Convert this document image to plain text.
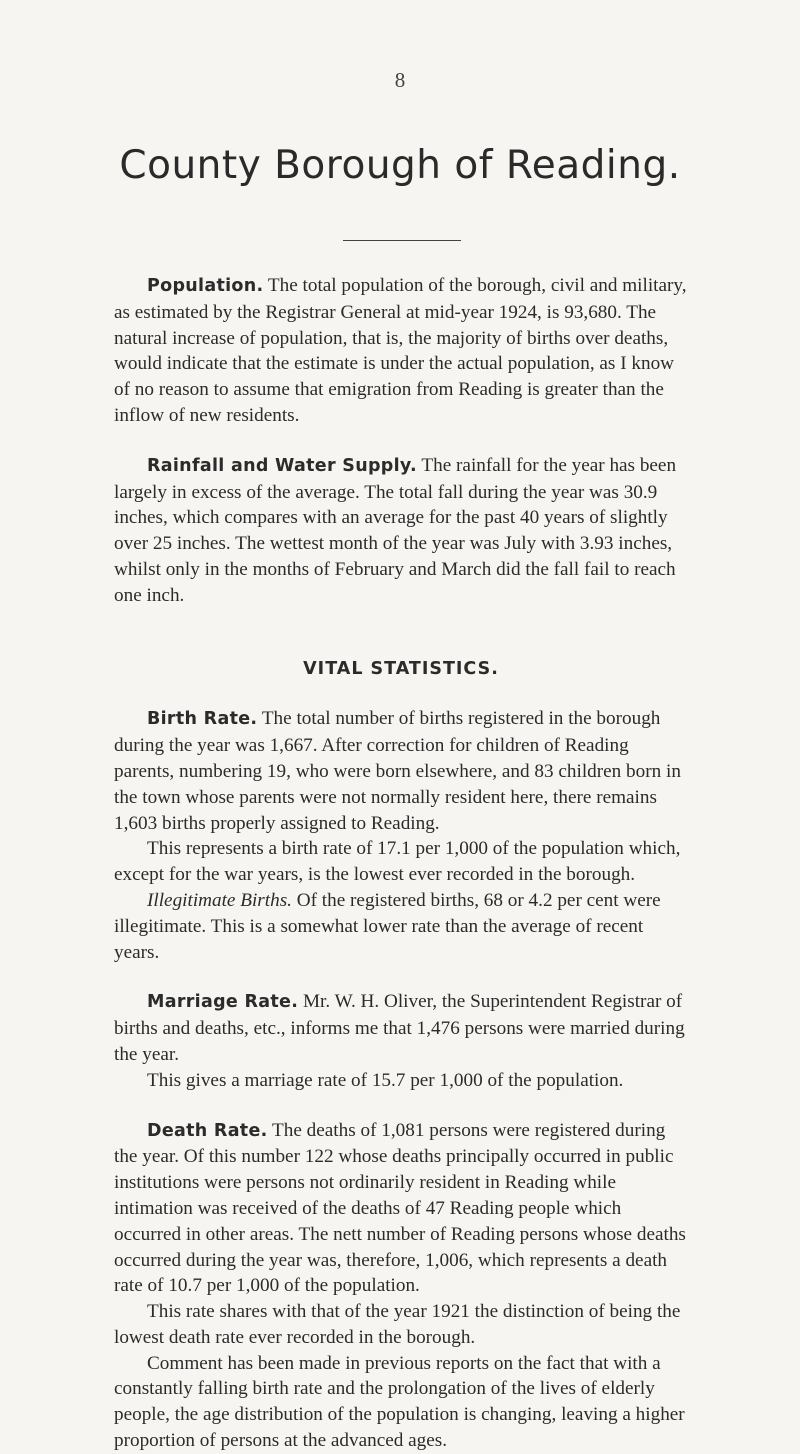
8
County Borough of Reading.

Population. The total population of the borough, civil and military, as estimated by the Registrar General at mid-year 1924, is 93,680. The natural increase of population, that is, the majority of births over deaths, would indicate that the estimate is under the actual population, as I know of no reason to assume that emigration from Reading is greater than the inflow of new residents.

Rainfall and Water Supply. The rainfall for the year has been largely in excess of the average. The total fall during the year was 30.9 inches, which compares with an average for the past 40 years of slightly over 25 inches. The wettest month of the year was July with 3.93 inches, whilst only in the months of February and March did the fall fail to reach one inch.

VITAL STATISTICS.

Birth Rate. The total number of births registered in the borough during the year was 1,667. After correction for children of Reading parents, numbering 19, who were born elsewhere, and 83 children born in the town whose parents were not normally resident here, there remains 1,603 births properly assigned to Reading.

This represents a birth rate of 17.1 per 1,000 of the population which, except for the war years, is the lowest ever recorded in the borough.

Illegitimate Births. Of the registered births, 68 or 4.2 per cent were illegitimate. This is a somewhat lower rate than the average of recent years.

Marriage Rate. Mr. W. H. Oliver, the Superintendent Registrar of births and deaths, etc., informs me that 1,476 persons were married during the year.

This gives a marriage rate of 15.7 per 1,000 of the population.

Death Rate. The deaths of 1,081 persons were registered during the year. Of this number 122 whose deaths principally occurred in public institutions were persons not ordinarily resident in Reading while intimation was received of the deaths of 47 Reading people which occurred in other areas. The nett number of Reading persons whose deaths occurred during the year was, therefore, 1,006, which represents a death rate of 10.7 per 1,000 of the population.

This rate shares with that of the year 1921 the distinction of being the lowest death rate ever recorded in the borough.

Comment has been made in previous reports on the fact that with a constantly falling birth rate and the prolongation of the lives of elderly people, the age distribution of the population is changing, leaving a higher proportion of persons at the advanced ages.
